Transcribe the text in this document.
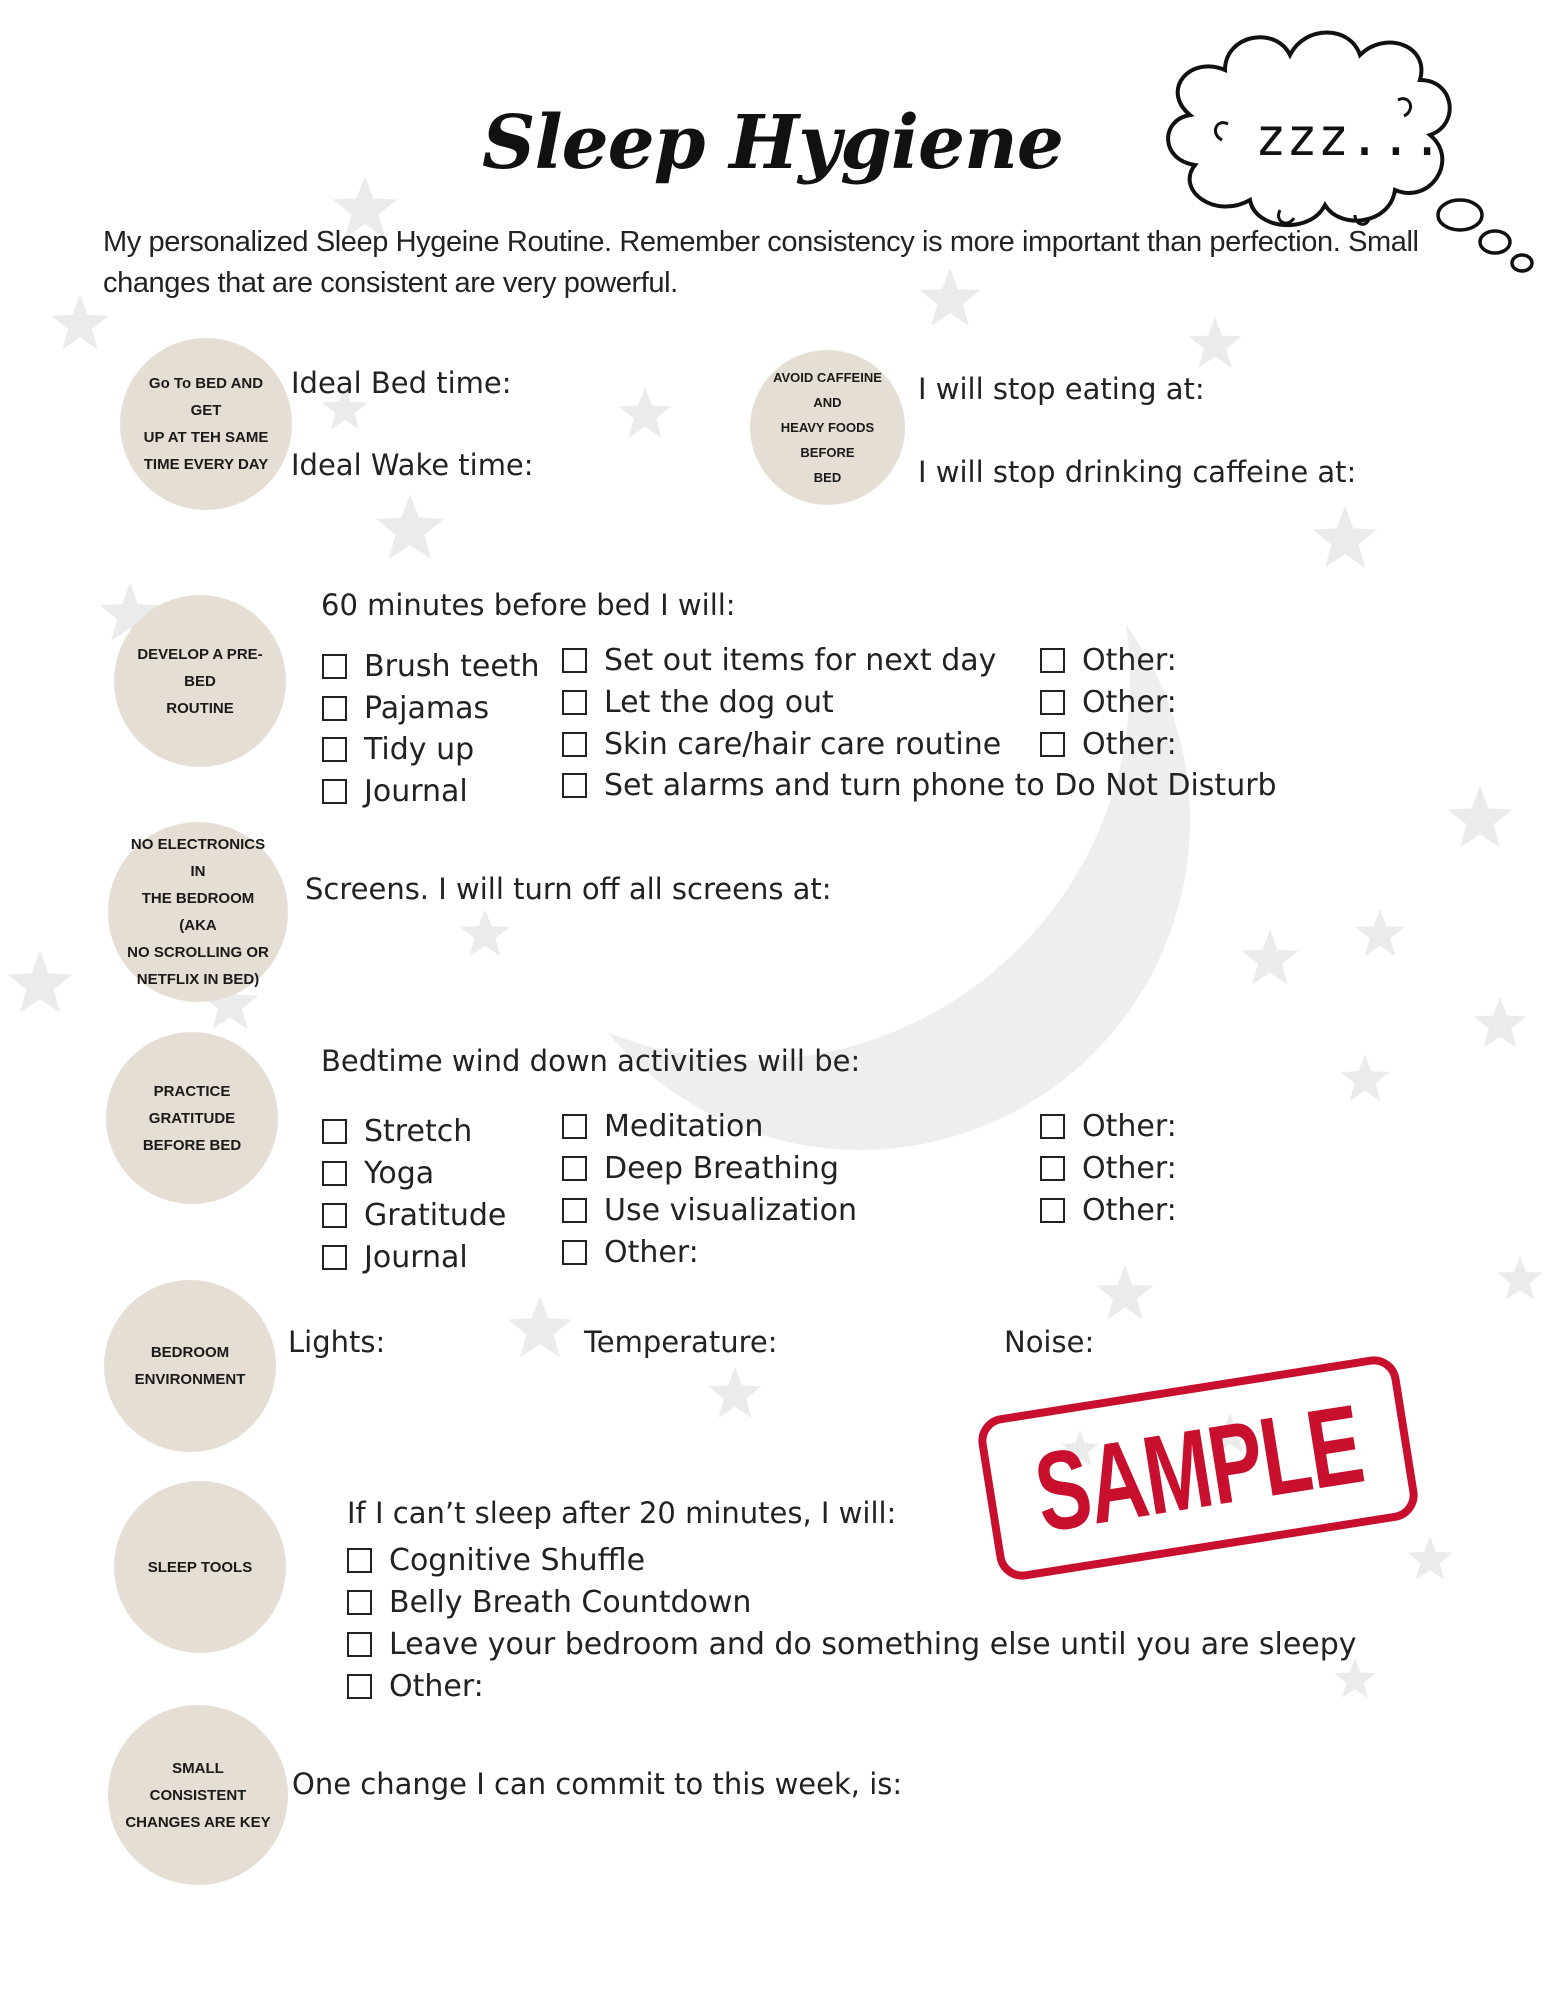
Sleep Hygiene	zzz...
My personalized Sleep Hygeine Routine. Remember consistency is more important than perfection. Small changes that are consistent are very powerful.
Go To BED AND GET
UP AT TEH SAME
TIME EVERY DAY
Ideal Bed time:
Ideal Wake time:
AVOID CAFFEINE AND
HEAVY FOODS BEFORE
BED
I will stop eating at:
I will stop drinking caffeine at:
DEVELOP A PRE-BED
ROUTINE
60 minutes before bed I will:
Brush teeth
Pajamas
Tidy up
Journal
Set out items for next day
Let the dog out
Skin care/hair care routine
Set alarms and turn phone to Do Not Disturb
Other:
Other:
Other:
NO ELECTRONICS IN
THE BEDROOM (AKA
NO SCROLLING OR
NETFLIX IN BED)
Screens. I will turn off all screens at:
PRACTICE GRATITUDE
BEFORE BED
Bedtime wind down activities will be:
Stretch
Yoga
Gratitude
Journal
Meditation
Deep Breathing
Use visualization
Other:
Other:
Other:
Other:
BEDROOM
ENVIRONMENT
Lights:	Temperature:	Noise:
SAMPLE
SLEEP TOOLS
If I can’t sleep after 20 minutes, I will:
Cognitive Shuffle
Belly Breath Countdown
Leave your bedroom and do something else until you are sleepy
Other:
SMALL CONSISTENT
CHANGES ARE KEY
One change I can commit to this week, is:
